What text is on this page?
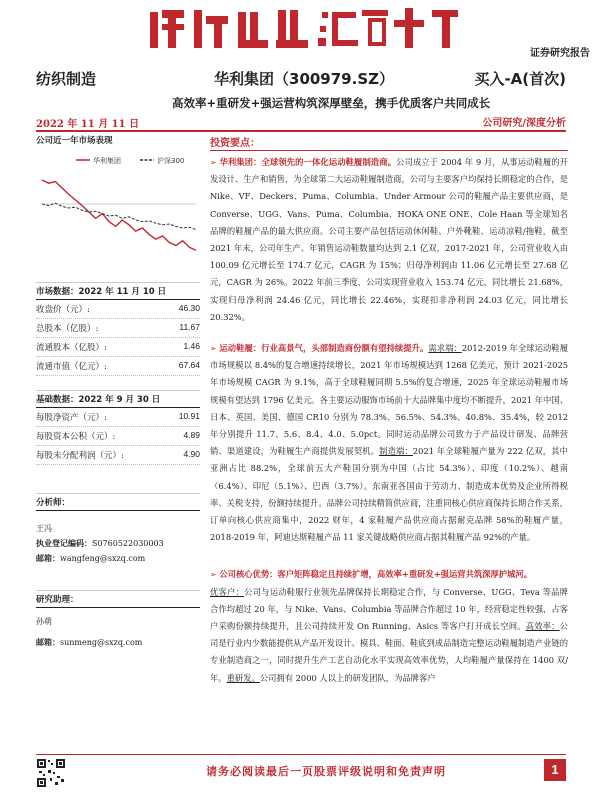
证券研究报告
纺织制造	华利集团（300979.SZ）	买入-A(首次)
高效率+重研发+强运营构筑深厚壁垒，携手优质客户共同成长
2022 年 11 月 11 日	公司研究/深度分析
公司近一年市场表现
华利集团	沪深300
市场数据：2022 年 11 月 10 日
收盘价（元）:	46.30
总股本（亿股）:	11.67
流通股本（亿股）:	1.46
流通市值（亿元）:	67.64
基础数据：2022 年 9 月 30 日
每股净资产（元）:	10.91
每股资本公积（元）:	4.89
每股未分配利润（元）:	4.90
分析师：
王冯
执业登记编码：S0760522030003
邮箱：wangfeng@sxzq.com
研究助理：
孙萌
邮箱：sunmeng@sxzq.com
投资要点：

➢ 华利集团：全球领先的一体化运动鞋履制造商。公司成立于 2004 年 9 月，从事运动鞋履的开发设计、生产和销售，为全球第二大运动鞋履制造商，公司与主要客户均保持长期稳定的合作，是 Nike、VF、Deckers、Puma、Columbia、Under Armour 公司的鞋履产品主要供应商，是 Converse、UGG、Vans、Puma、Columbia、HOKA ONE ONE、Cole Haan 等全球知名品牌的鞋履产品的最大供应商。公司主要产品包括运动休闲鞋、户外靴鞋、运动凉鞋/拖鞋，截至 2021 年末，公司年生产、年销售运动鞋数量均达到 2.1 亿双，2017-2021 年，公司营业收入由 100.09 亿元增长至 174.7 亿元，CAGR 为 15%；归母净利润由 11.06 亿元增长至 27.68 亿元，CAGR 为 26%。2022 年前三季度，公司实现营业收入 153.74 亿元，同比增长 21.68%，实现归母净利润 24.46 亿元，同比增长 22.46%，实现扣非净利润 24.03 亿元，同比增长 20.32%。

➢ 运动鞋履：行业高景气，头部制造商份额有望持续提升。需求端：2012-2019 年全球运动鞋履市场规模以 8.4%的复合增速持续增长，2021 年市场规模达到 1268 亿美元，预计 2021-2025 年市场规模 CAGR 为 9.1%，高于全球鞋履同期 5.5%的复合增速，2025 年全球运动鞋履市场规模有望达到 1796 亿美元。各主要运动服饰市场前十大品牌集中度均不断提升，2021 年中国、日本、英国、美国、德国 CR10 分别为 78.3%、56.5%、54.3%、40.8%、35.4%，较 2012 年分别提升 11.7、5.6、8.4、4.0、5.0pct。同时运动品牌公司致力于产品设计研发、品牌营销、渠道建设，为鞋履生产商提供发展契机。制造端：2021 年全球鞋履产量为 222 亿双，其中亚洲占比 88.2%，全球前五大产鞋国分别为中国（占比 54.3%）、印度（10.2%）、越南（6.4%）、印尼（5.1%）、巴西（3.7%）。东南亚各国由于劳动力、制造成本优势及企业所得税率、关税支持，份额持续提升。品牌公司持续精简供应商，注重同核心供应商保持长期合作关系，订单向核心供应商集中，2022 财年，4 家鞋履产品供应商占据耐克品牌 58%的鞋履产量，2018-2019 年，阿迪达斯鞋履产品 11 家关键战略供应商占据其鞋履产品 92%的产量。

➢ 公司核心优势：客户矩阵稳定且持续扩增，高效率+重研发+强运营共筑深厚护城河。
优客户：公司与运动鞋服行业领先品牌保持长期稳定合作，与 Converse、UGG、Teva 等品牌合作均超过 20 年，与 Nike、Vans、Columbia 等品牌合作超过 10 年，经营稳定性较强，占客户采购份额持续提升，且公司持续开发 On Running、Asics 等客户打开成长空间。高效率：公司是行业内少数能提供从产品开发设计、模具、鞋面、鞋底到成品制造完整运动鞋履制造产业链的专业制造商之一，同时提升生产工艺自动化水平实现高效率优势，人均鞋履产量保持在 1400 双/年。重研发。公司拥有 2000 人以上的研发团队，为品牌客户

请务必阅读最后一页股票评级说明和免责声明	1
